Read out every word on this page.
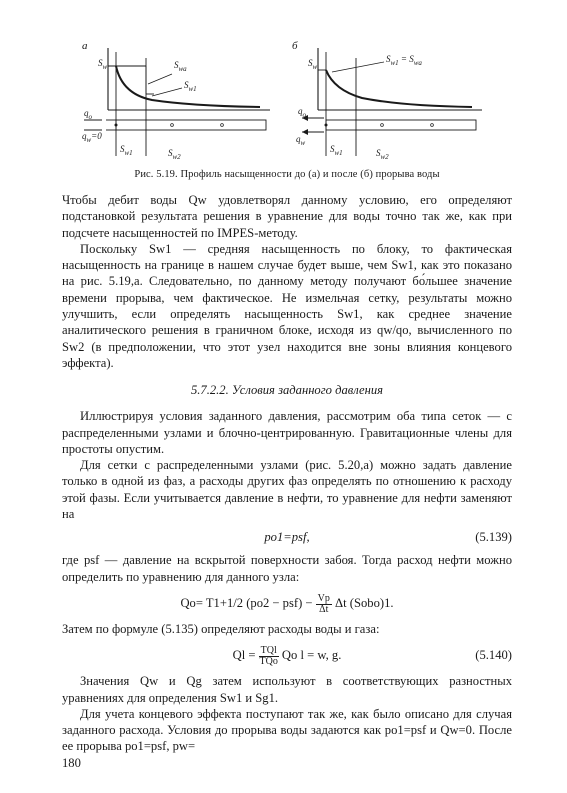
a	б
$S_w$	$S_{wa}$
$S_{w1}$
$q_o$
$q_w=0$
$S_{w1}$	$S_{w2}$
$S_w$
$S_{w1} = S_{wa}$
$q_o$
$q_w$
$S_{w1}$	$S_{w2}$
Рис. 5.19. Профиль насыщенности до (а) и после (б) прорыва воды

Чтобы дебит воды Qw удовлетворял данному условию, его определяют подстановкой результата решения в уравнение для воды точно так же, как при подсчете насыщенностей по IMPES-методу.

Поскольку Sw1 — средняя насыщенность по блоку, то фактическая насыщенность на границе в нашем случае будет выше, чем Sw1, как это показано на рис. 5.19,а. Следовательно, по данному методу получают бо́льшее значение времени прорыва, чем фактическое. Не измельчая сетку, результаты можно улучшить, если определять насыщенность Sw1, как среднее значение аналитического решения в граничном блоке, исходя из qw/qo, вычисленного по Sw2 (в предположении, что этот узел находится вне зоны влияния концевого эффекта).

5.7.2.2. Условия заданного давления

Иллюстрируя условия заданного давления, рассмотрим оба типа сеток — с распределенными узлами и блочно-центрированную. Гравитационные члены для простоты опустим.

Для сетки с распределенными узлами (рис. 5.20,а) можно задать давление только в одной из фаз, а расходы других фаз определять по отношению к расходу этой фазы. Если учитывается давление в нефти, то уравнение для нефти заменяют на

po1=psf,	(5.139)

где psf — давление на вскрытой поверхности забоя. Тогда расход нефти можно определить по уравнению для данного узла:

Qo= T1+1/2 $(po2 - psf) - \frac{Vp}{\Delta t}$ Δt (Sobo)1.

Затем по формуле (5.135) определяют расходы воды и газа:

$Ql = \frac{\text{TQl}}{\text{TQo}}$ Qo l = w, g.	(5.140)

Значения Qw и Qg затем используют в соответствующих разностных уравнениях для определения Sw1 и Sg1.

Для учета концевого эффекта поступают так же, как было описано для случая заданного расхода. Условия до прорыва воды задаются как po1=psf и Qw=0. После ее прорыва po1=psf, pw=

180
